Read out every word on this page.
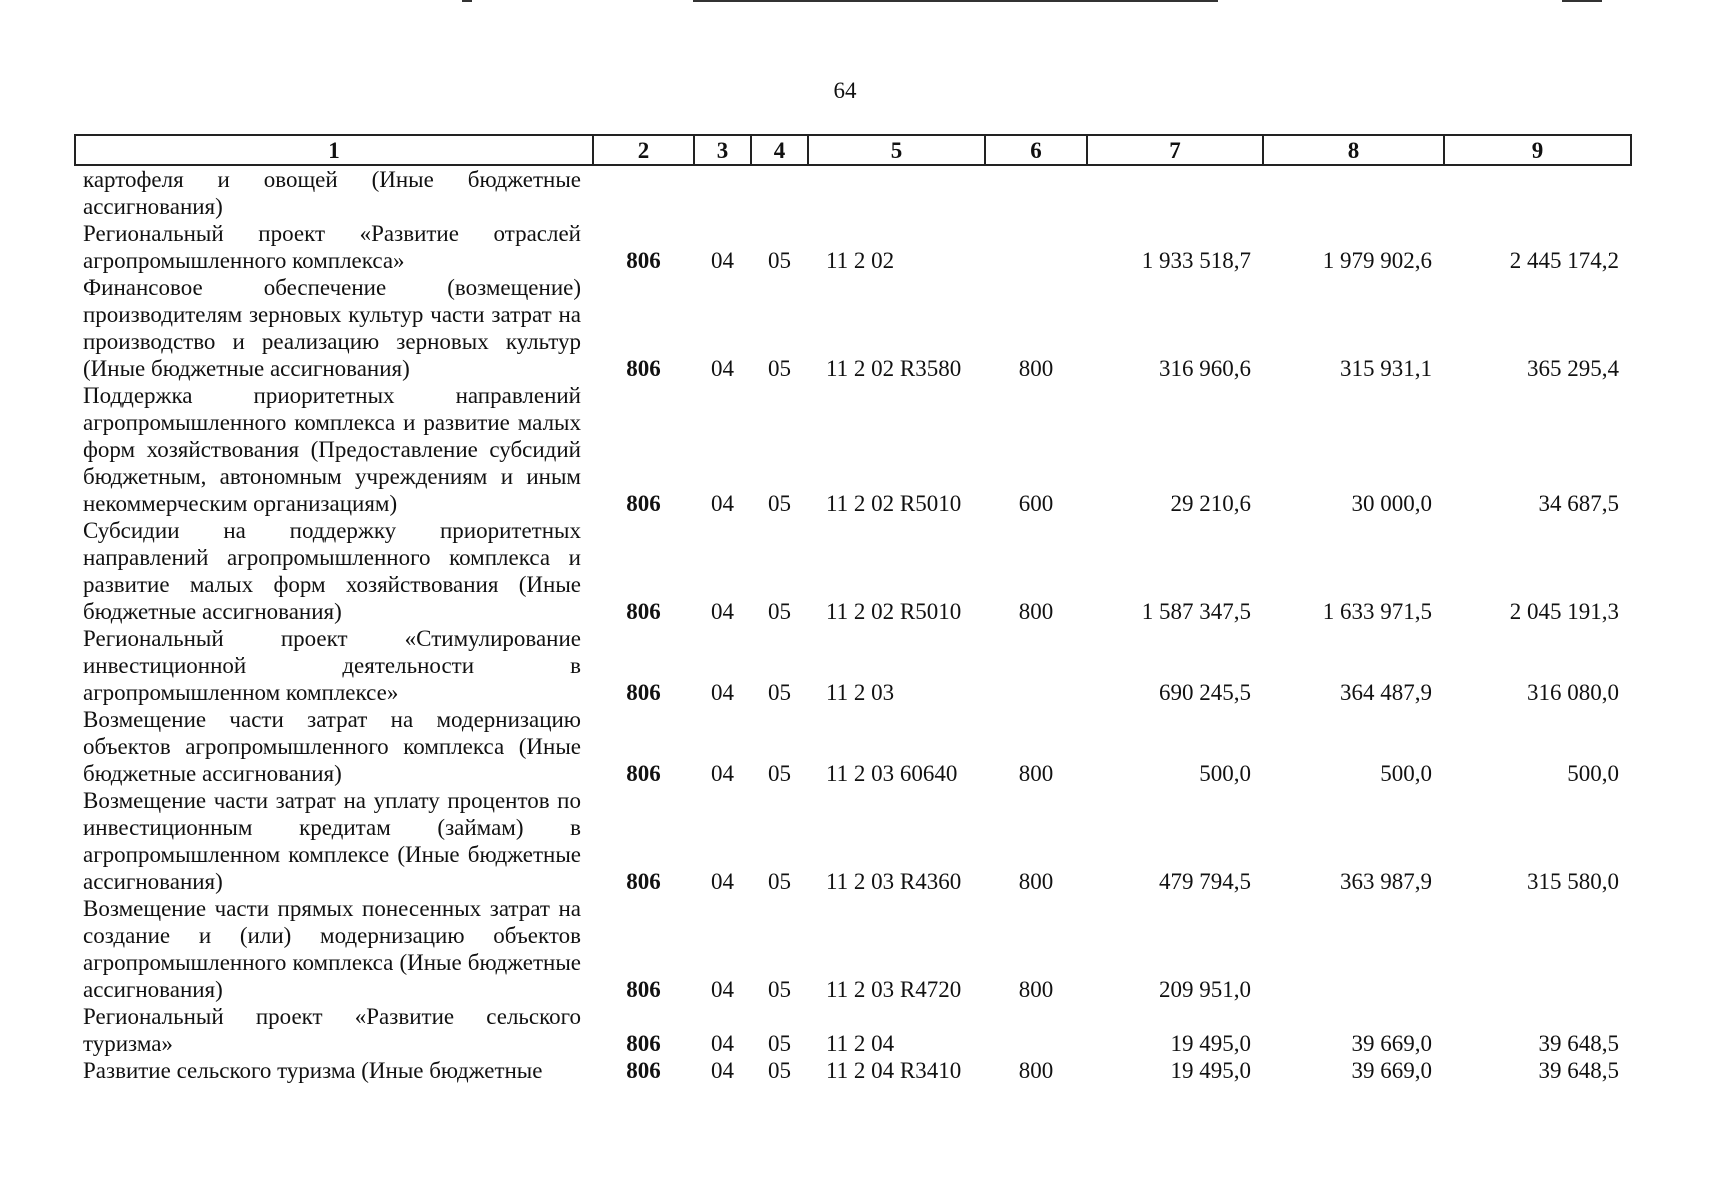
64
1	2	3	4	5	6	7	8	9
картофеля и овощей (Иные бюджетные ассигнования)								
Региональный проект «Развитие отраслей агропромышленного комплекса»	806	04	05	11 2 02		1 933 518,7	1 979 902,6	2 445 174,2
Финансовое обеспечение (возмещение) производителям зерновых культур части затрат на производство и реализацию зерновых культур (Иные бюджетные ассигнования)	806	04	05	11 2 02 R3580	800	316 960,6	315 931,1	365 295,4
Поддержка приоритетных направлений агропромышленного комплекса и развитие малых форм хозяйствования (Предоставление субсидий бюджетным, автономным учреждениям и иным некоммерческим организациям)	806	04	05	11 2 02 R5010	600	29 210,6	30 000,0	34 687,5
Субсидии на поддержку приоритетных направлений агропромышленного комплекса и развитие малых форм хозяйствования (Иные бюджетные ассигнования)	806	04	05	11 2 02 R5010	800	1 587 347,5	1 633 971,5	2 045 191,3
Региональный проект «Стимулирование инвестиционной деятельности в агропромышленном комплексе»	806	04	05	11 2 03		690 245,5	364 487,9	316 080,0
Возмещение части затрат на модернизацию объектов агропромышленного комплекса (Иные бюджетные ассигнования)	806	04	05	11 2 03 60640	800	500,0	500,0	500,0
Возмещение части затрат на уплату процентов по инвестиционным кредитам (займам) в агропромышленном комплексе (Иные бюджетные ассигнования)	806	04	05	11 2 03 R4360	800	479 794,5	363 987,9	315 580,0
Возмещение части прямых понесенных затрат на создание и (или) модернизацию объектов агропромышленного комплекса (Иные бюджетные ассигнования)	806	04	05	11 2 03 R4720	800	209 951,0		
Региональный проект «Развитие сельского туризма»	806	04	05	11 2 04		19 495,0	39 669,0	39 648,5
Развитие сельского туризма (Иные бюджетные	806	04	05	11 2 04 R3410	800	19 495,0	39 669,0	39 648,5
